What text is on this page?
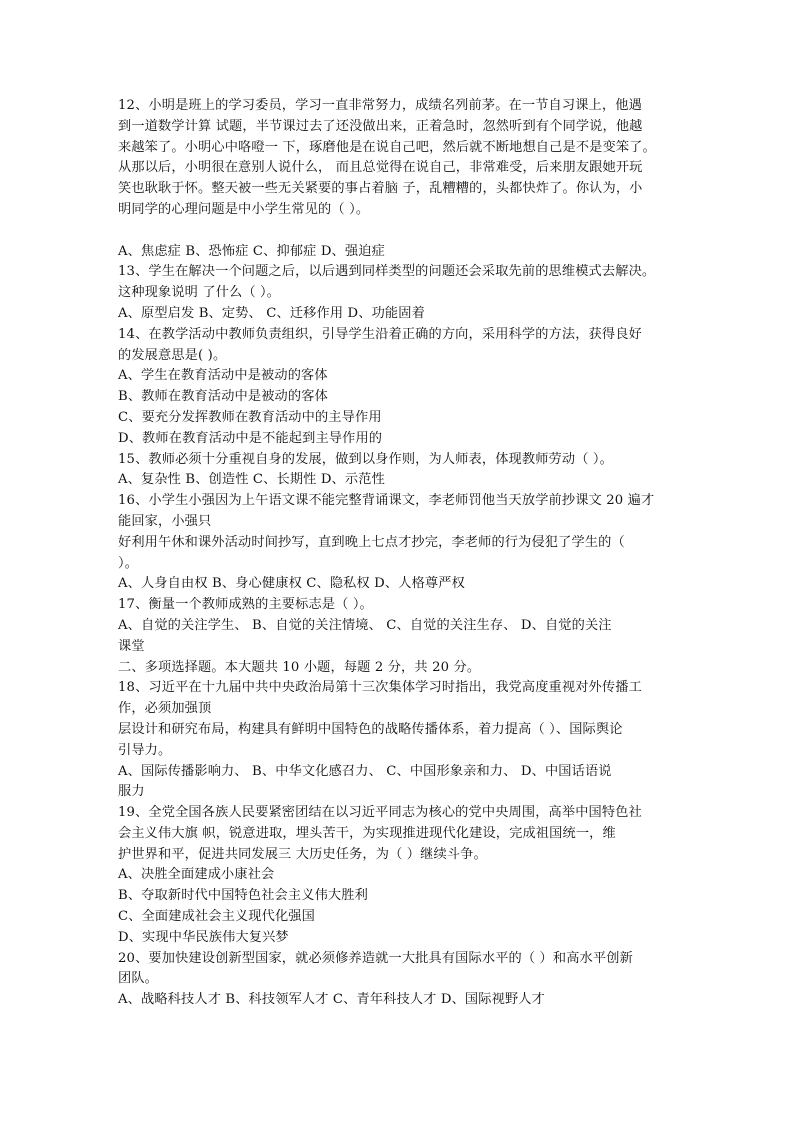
12、小明是班上的学习委员，学习一直非常努力，成绩名列前茅。在一节自习课上，他遇
到一道数学计算 试题，半节课过去了还没做出来，正着急时，忽然听到有个同学说，他越
来越笨了。小明心中咯噔一 下，琢磨他是在说自己吧，然后就不断地想自己是不是变笨了。
从那以后，小明很在意别人说什么， 而且总觉得在说自己，非常难受，后来朋友跟她开玩
笑也耿耿于怀。整天被一些无关紧要的事占着脑 子，乱糟糟的，头都快炸了。你认为，小
明同学的心理问题是中小学生常见的（ ）。
A、焦虑症 B、恐怖症 C、抑郁症 D、强迫症
13、学生在解决一个问题之后，以后遇到同样类型的问题还会采取先前的思维模式去解决。
这种现象说明 了什么（ ）。
A、原型启发 B、定势、 C、迁移作用 D、功能固着
14、在教学活动中教师负责组织，引导学生沿着正确的方向，采用科学的方法，获得良好
的发展意思是( )。
A、学生在教育活动中是被动的客体
B、教师在教育活动中是被动的客体
C、要充分发挥教师在教育活动中的主导作用
D、教师在教育活动中是不能起到主导作用的
15、教师必须十分重视自身的发展，做到以身作则，为人师表，体现教师劳动（ ）。
A、复杂性 B、创造性 C、长期性 D、示范性
16、小学生小强因为上午语文课不能完整背诵课文，李老师罚他当天放学前抄课文 20 遍才
能回家，小强只
好利用午休和课外活动时间抄写，直到晚上七点才抄完，李老师的行为侵犯了学生的（
）。
A、人身自由权 B、身心健康权 C、隐私权 D、人格尊严权
17、衡量一个教师成熟的主要标志是（ ）。
A、自觉的关注学生、 B、自觉的关注情境、 C、自觉的关注生存、 D、自觉的关注
课堂
二、多项选择题。本大题共 10 小题，每题 2 分，共 20 分。
18、习近平在十九届中共中央政治局第十三次集体学习时指出，我党高度重视对外传播工
作，必须加强顶
层设计和研究布局，构建具有鲜明中国特色的战略传播体系，着力提高（ ）、国际舆论
引导力。
A、国际传播影响力、 B、中华文化感召力、 C、中国形象亲和力、 D、中国话语说
服力
19、全党全国各族人民要紧密团结在以习近平同志为核心的党中央周围，高举中国特色社
会主义伟大旗 帜，锐意进取，埋头苦干，为实现推进现代化建设，完成祖国统一，维
护世界和平，促进共同发展三 大历史任务，为（ ）继续斗争。
A、决胜全面建成小康社会
B、夺取新时代中国特色社会主义伟大胜利
C、全面建成社会主义现代化强国
D、实现中华民族伟大复兴梦
20、要加快建设创新型国家，就必须修养造就一大批具有国际水平的（ ）和高水平创新
团队。
A、战略科技人才 B、科技领军人才 C、青年科技人才 D、国际视野人才
